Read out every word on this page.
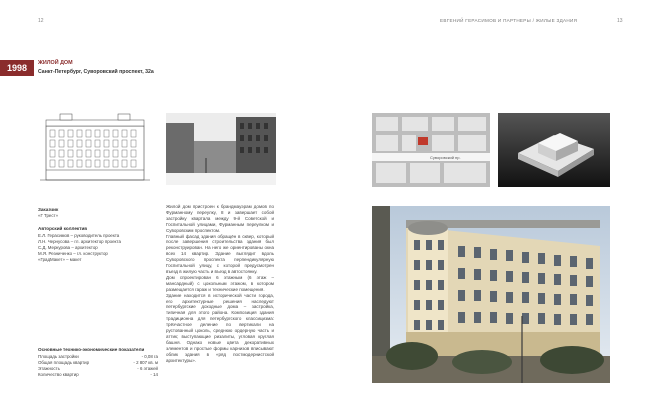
12	ЕВГЕНИЙ ГЕРАСИМОВ И ПАРТНЕРЫ / ЖИЛЫЕ ЗДАНИЯ	13
1998	ЖИЛОЙ ДОМ
Санкт-Петербург, Суворовский проспект, 32а
Суворовский пр.
Заказчик
«Г Трест»
Авторский коллектив
Е.Л. Герасимов – руководитель проекта
Л.Н. Чернусова – гл. архитектор проекта
С.Д. Меркурова – архитектор
М.Я. Резниченко – гл. конструктор
«ГрадМакет» – макет
Основные технико-экономические показатели
Площадь застройки	- 0,08 га
Общая площадь квартир	- 2 807 кв. м
Этажность	- 6 этажей
Количество квартир	- 14

Жилой дом пристроен к брандмауэрам домов по Фурманному переулку, 8 и завершает собой застройку квартала между 9-й Советской и Госпитальной улицами, Фурманным переулком и Суворовским проспектом.

Главный фасад здания обращён в сквер, который после завершения строительства здания был реконструирован. На него же ориентированы окна всех 14 квартир. Здание выглядит вдоль Суворовского проспекта перпендикулярную Госпитальной улицу, с которой предусмотрен въезд в жилую часть и въезд в автостоянку.

Дом спроектирован 6 этажным (6 этаж – мансардный) с цокольным этажом, в котором размещается гараж и технические помещения.

Здание находится в исторической части города, его архитектурные решения наследуют петербургские доходные дома – застройка, типичная для этого района. Композиция здания традиционна для петербургского классицизма: трёхчастное деление по вертикали на рустованный цоколь, среднюю ордерную часть и аттик; выступающие ризалиты, угловая круглая башня. Однако новые цвета декоративных элементов и простые формы карнизов вписывают облик здания в «ряд постмодернистской архитектуры».
